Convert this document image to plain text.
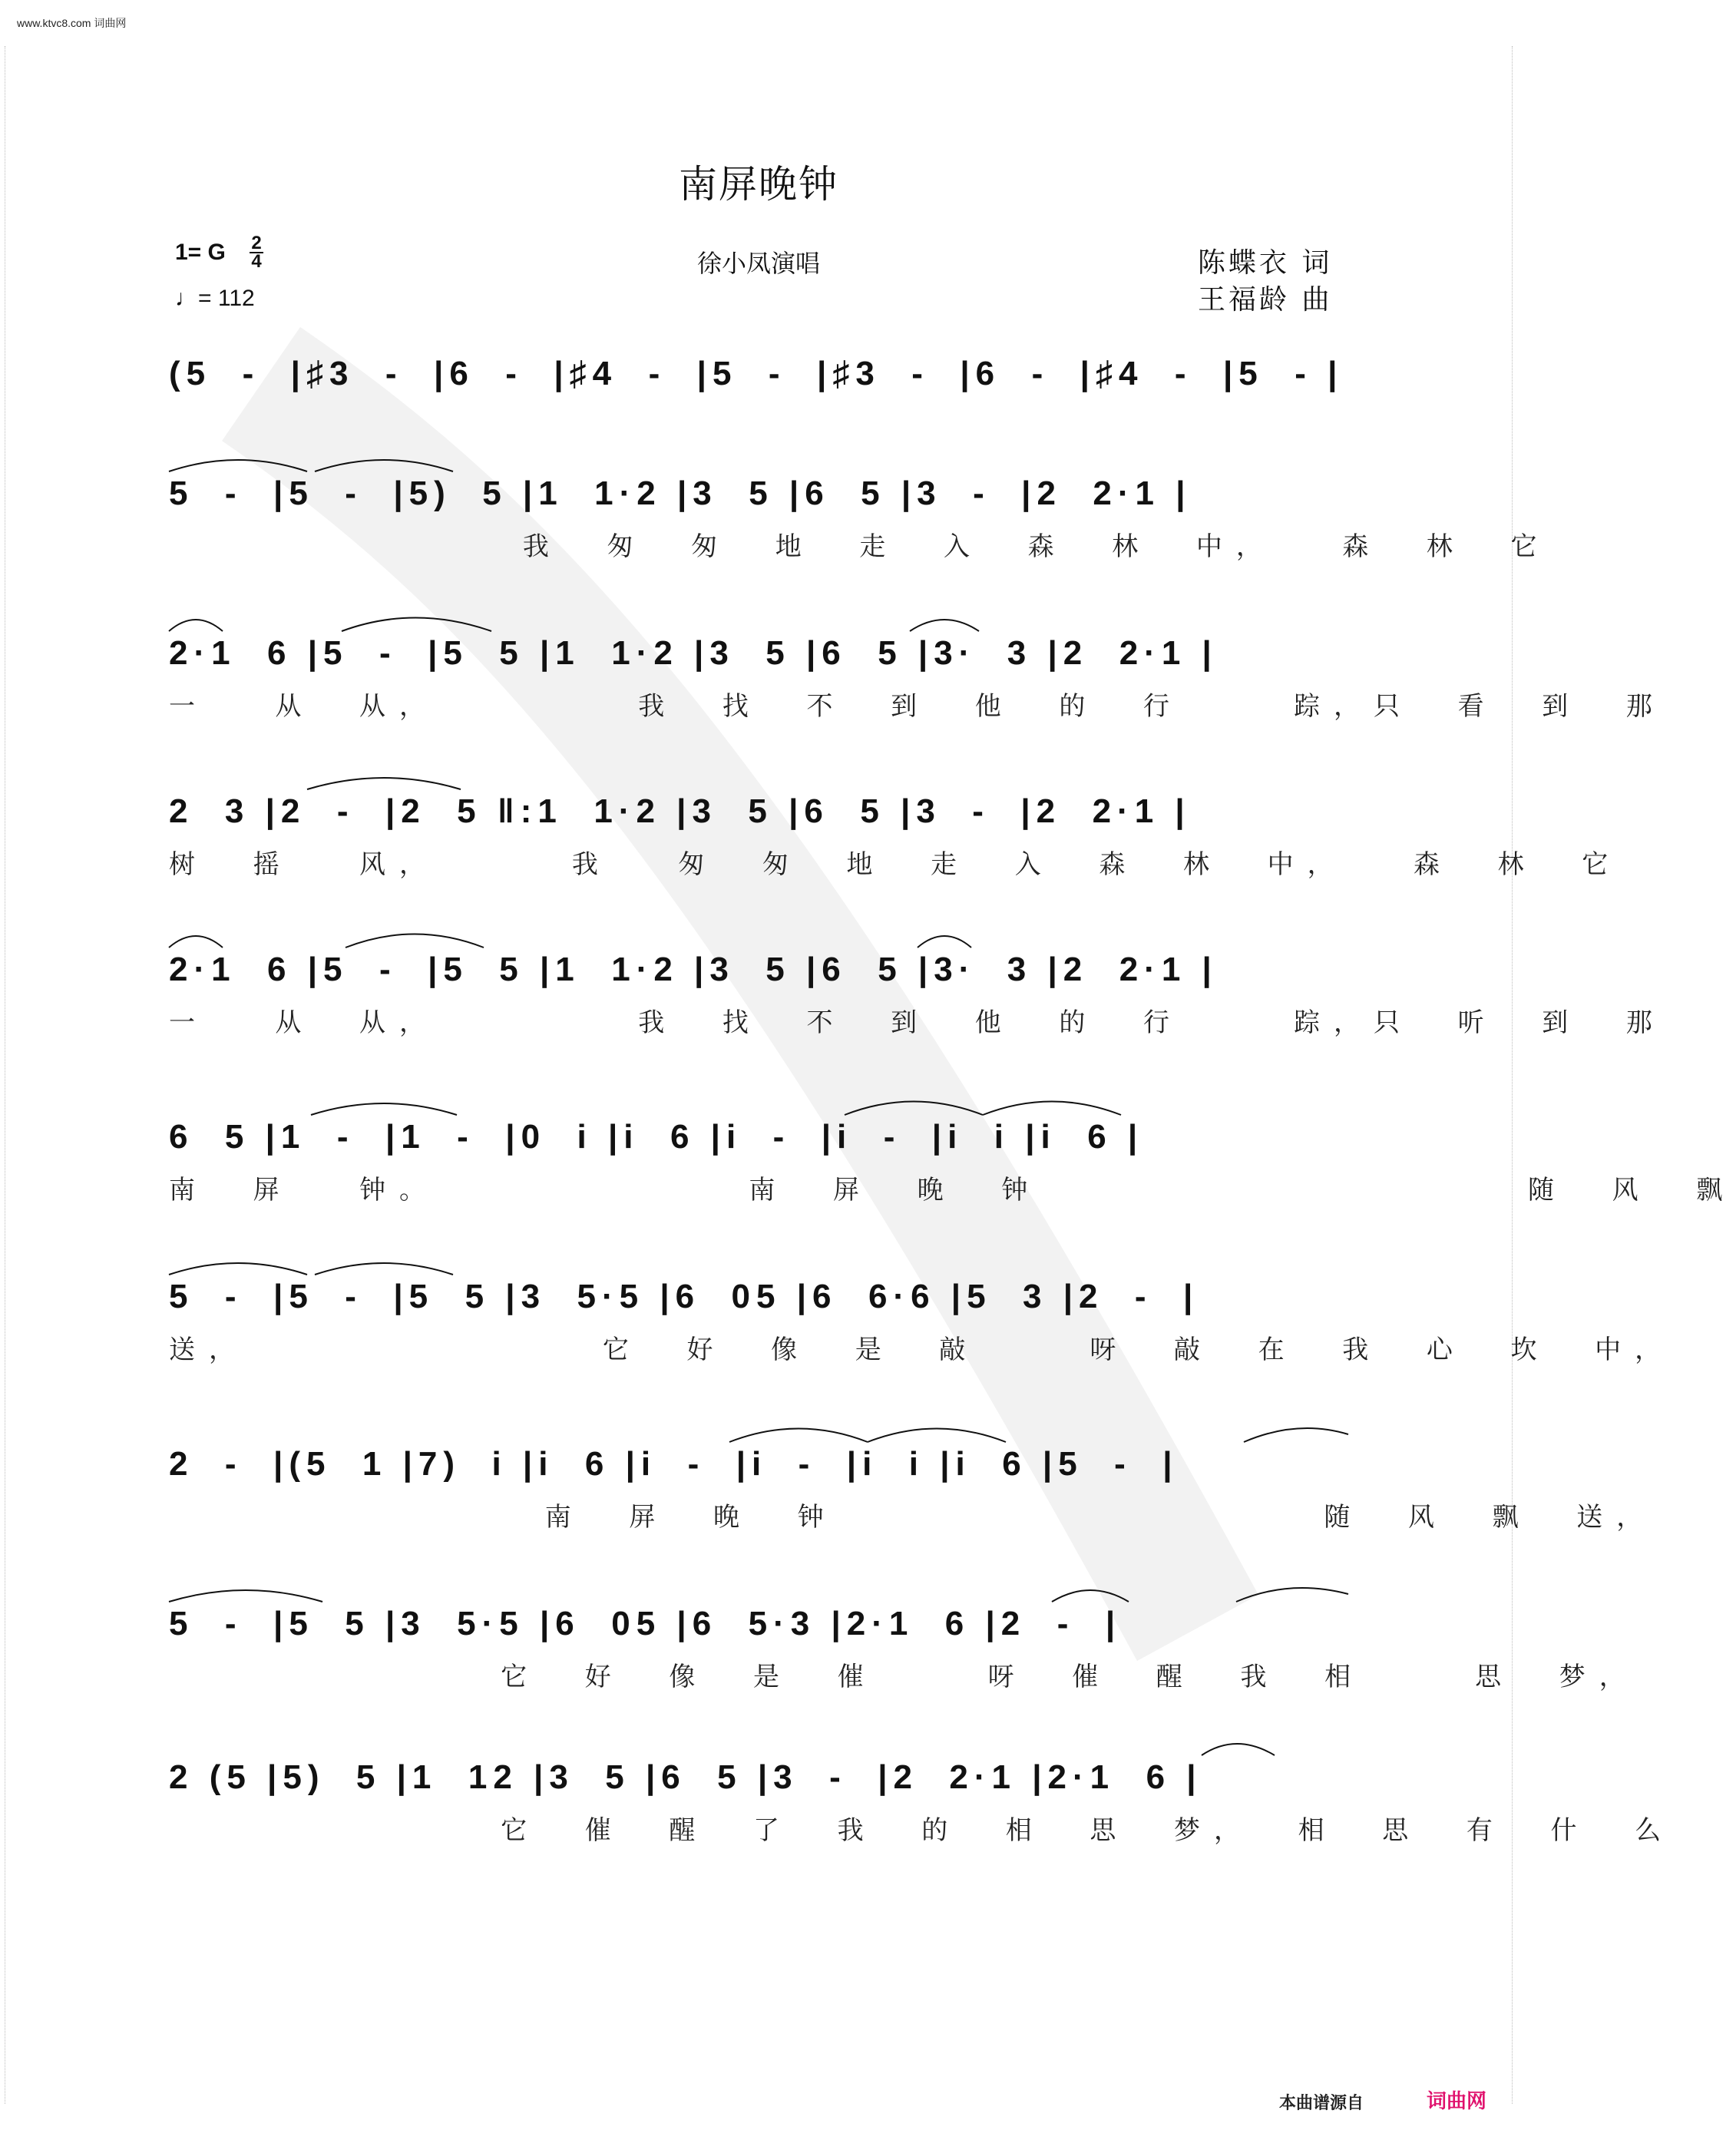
www.ktvc8.com 词曲网
南屏晚钟
1= G 2
4
♩= 112
徐小凤演唱	陈蝶衣 词
王福龄 曲
(5  -  |♯3  -  |6  -  |♯4  -  |5  -  |♯3  -  |6  -  |♯4  -  |5  - |
5  -  |5  -  |5)  5 |1  1·2 |3  5 |6  5 |3  -  |2  2·1 |
我  匆  匆  地  走  入  森  林  中，   森  林  它
2·1  6 |5  -  |5  5 |1  1·2 |3  5 |6  5 |3·  3 |2  2·1 |
一   从  从，         我  找  不  到  他  的  行     踪，只  看  到  那
2  3 |2  -  |2  5 ‖:1  1·2 |3  5 |6  5 |3  -  |2  2·1 |
树  摇   风，      我   匆  匆  地  走  入  森  林  中，   森  林  它
2·1  6 |5  -  |5  5 |1  1·2 |3  5 |6  5 |3·  3 |2  2·1 |
一   从  从，         我  找  不  到  他  的  行     踪，只  听  到  那
6  5 |1  -  |1  -  |0  i |i  6 |i  -  |i  -  |i  i |i  6 |
南  屏   钟。              南  屏  晚  钟                      随  风  飘
5  -  |5  -  |5  5 |3  5·5 |6  05 |6  6·6 |5  3 |2  -  |
送，                它  好  像  是  敲     呀  敲  在  我  心  坎  中，
2  -  |(5  1 |7)  i |i  6 |i  -  |i  -  |i  i |i  6 |5  -  |
南  屏  晚  钟                      随  风  飘  送，
5  -  |5  5 |3  5·5 |6  05 |6  5·3 |2·1  6 |2  -  |
它  好  像  是  催     呀  催  醒  我  相     思  梦，
2 (5 |5)  5 |1  12 |3  5 |6  5 |3  -  |2  2·1 |2·1  6 |
它  催  醒  了  我  的  相  思  梦，  相  思  有  什  么
本曲谱源自	词曲网
